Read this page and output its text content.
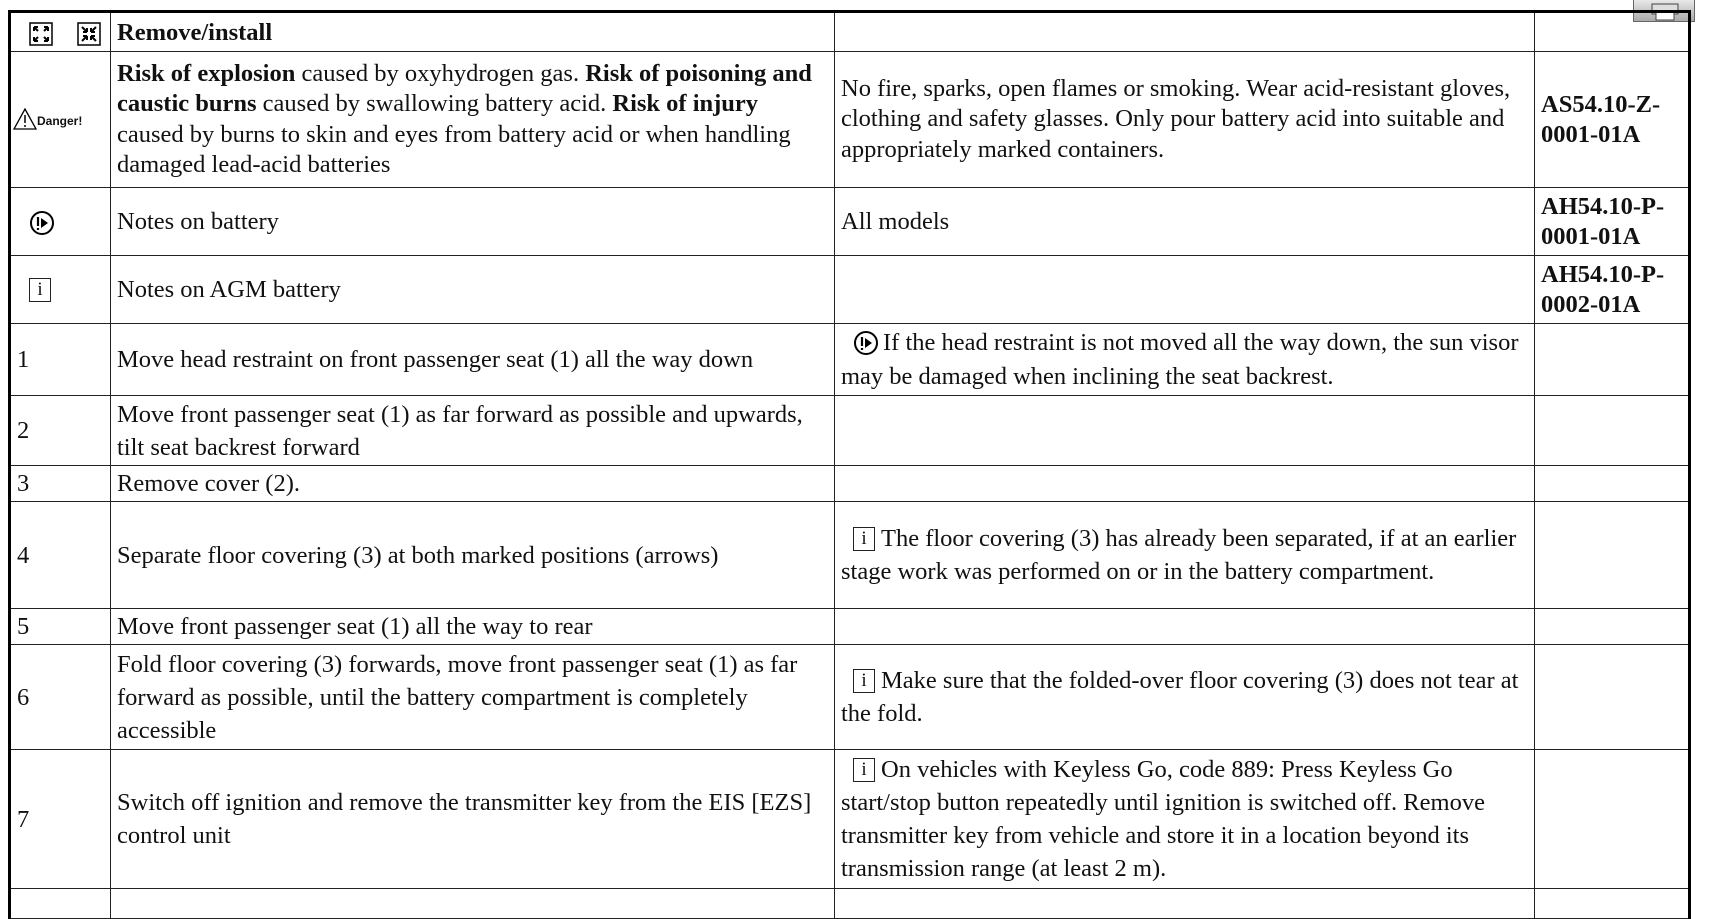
	Remove/install		
Danger!	Risk of explosion caused by oxyhydrogen gas. Risk of poisoning and caustic burns caused by swallowing battery acid. Risk of injury caused by burns to skin and eyes from battery acid or when handling damaged lead-acid batteries	No fire, sparks, open flames or smoking. Wear acid-resistant gloves, clothing and safety glasses. Only pour battery acid into suitable and appropriately marked containers.	AS54.10-Z-0001-01A
	Notes on battery	All models	AH54.10-P-0001-01A
i	Notes on AGM battery		AH54.10-P-0002-01A
1	Move head restraint on front passenger seat (1) all the way down	If the head restraint is not moved all the way down, the sun visor may be damaged when inclining the seat backrest.	
2	Move front passenger seat (1) as far forward as possible and upwards, tilt seat backrest forward		
3	Remove cover (2).		
4	Separate floor covering (3) at both marked positions (arrows)	i The floor covering (3) has already been separated, if at an earlier stage work was performed on or in the battery compartment.	
5	Move front passenger seat (1) all the way to rear		
6	Fold floor covering (3) forwards, move front passenger seat (1) as far forward as possible, until the battery compartment is completely accessible	i Make sure that the folded-over floor covering (3) does not tear at the fold.	
7	Switch off ignition and remove the transmitter key from the EIS [EZS] control unit	i On vehicles with Keyless Go, code 889: Press Keyless Go start/stop button repeatedly until ignition is switched off. Remove transmitter key from vehicle and store it in a location beyond its transmission range (at least 2 m).	
